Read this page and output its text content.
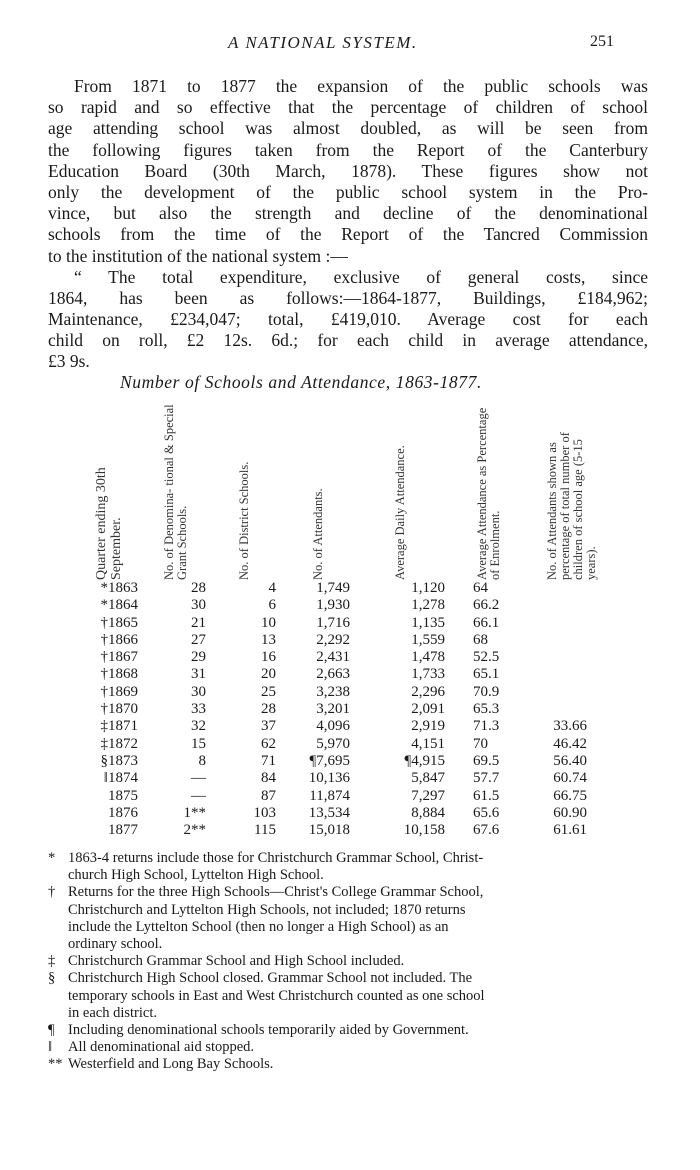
A NATIONAL SYSTEM.	251
From 1871 to 1877 the expansion of the public schools was
so rapid and so effective that the percentage of children of school
age attending school was almost doubled, as will be seen from
the following figures taken from the Report of the Canterbury
Education Board (30th March, 1878). These figures show not
only the development of the public school system in the Pro-
vince, but also the strength and decline of the denominational
schools from the time of the Report of the Tancred Commission
to the institution of the national system :—
“ The total expenditure, exclusive of general costs, since
1864, has been as follows:—1864-1877, Buildings, £184,962;
Maintenance, £234,047; total, £419,010. Average cost for each
child on roll, £2 12s. 6d.; for each child in average attendance,
£3 9s.
Number of Schools and Attendance, 1863-1877.
Quarter ending 30th September.	No. of Denomina- tional & Special Grant Schools.	No. of District Schools.	No. of Attendants.	Average Daily Attendance.	Average Attendance as Percentage of Enrolment.	No. of Attendants shown as percentage of total number of children of school age (5-15 years).
*1863	28	4	1,749	1,120 64
*1864	30	6	1,930	1,278 66.2
†1865	21	10	1,716	1,135 66.1
†1866	27	13	2,292	1,559 68
†1867	29	16	2,431	1,478 52.5
†1868	31	20	2,663	1,733 65.1
†1869	30	25	3,238	2,296 70.9
†1870	33	28	3,201	2,091 65.3
‡1871	32	37	4,096	2,919 71.3	33.66
‡1872	15	62	5,970	4,151 70	46.42
§1873	8	71 ¶7,695	¶4,915 69.5	56.40
‖1874	—	84 10,136	5,847 57.7	60.74
1875	—	87 11,874	7,297 61.5	66.75
1876	1**	103 13,534	8,884 65.6	60.90
1877	2**	115 15,018	10,158 67.6	61.61
* 1863-4 returns include those for Christchurch Grammar School, Christ-
church High School, Lyttelton High School.
† Returns for the three High Schools—Christ's College Grammar School,
Christchurch and Lyttelton High Schools, not included; 1870 returns
include the Lyttelton School (then no longer a High School) as an
ordinary school.
‡ Christchurch Grammar School and High School included.
§ Christchurch High School closed. Grammar School not included. The
temporary schools in East and West Christchurch counted as one school
in each district.
¶ Including denominational schools temporarily aided by Government.
‖ All denominational aid stopped.
** Westerfield and Long Bay Schools.
